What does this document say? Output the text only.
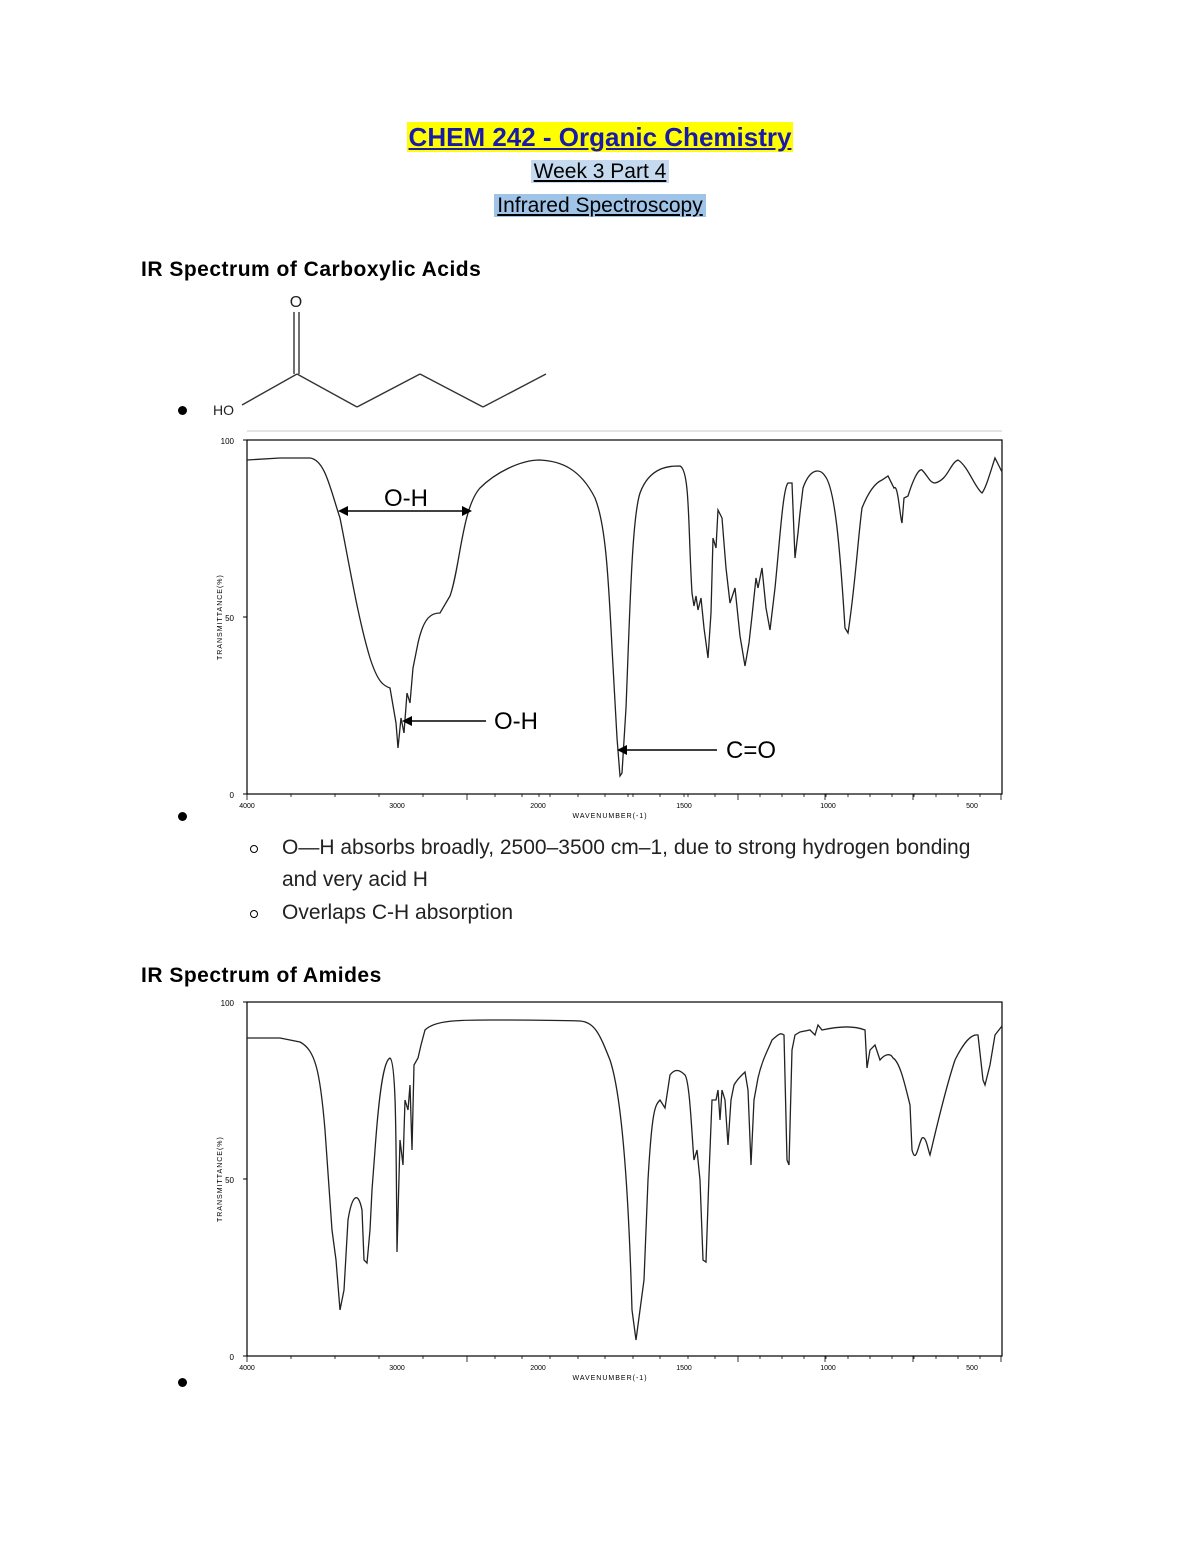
CHEM 242 - Organic Chemistry
Week 3 Part 4
Infrared Spectroscopy
IR Spectrum of Carboxylic Acids
O
HO
100
50
0
TRANSMITTANCE(%)
4000	3000	2000	1500	1000	500
WAVENUMBER(-1)
O-H
O-H
C=O
O—H absorbs broadly, 2500–3500 cm–1, due to strong hydrogen bonding and very acid H
Overlaps C-H absorption
IR Spectrum of Amides
100
50
0
TRANSMITTANCE(%)
4000	3000	2000	1500	1000	500
WAVENUMBER(-1)
